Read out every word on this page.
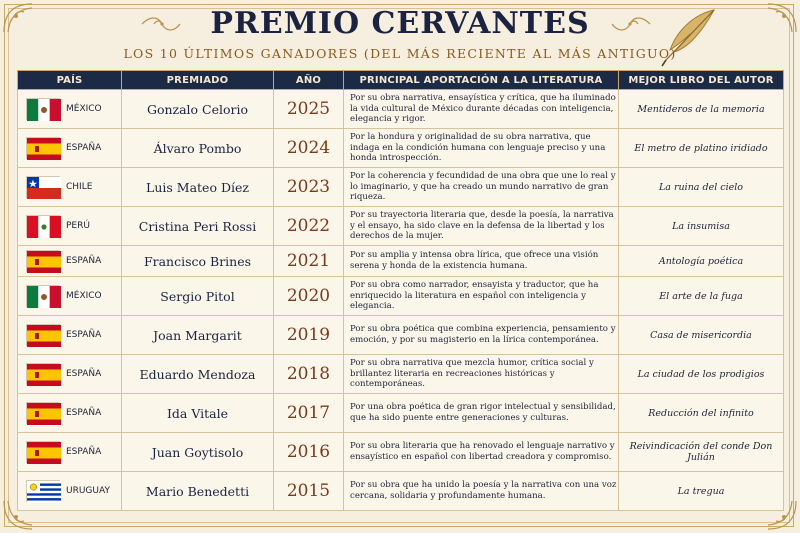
PREMIO CERVANTES
LOS 10 ÚLTIMOS GANADORES (DEL MÁS RECIENTE AL MÁS ANTIGUO)
PAÍS	PREMIADO	AÑO	PRINCIPAL APORTACIÓN A LA LITERATURA	MEJOR LIBRO DEL AUTOR

MÉXICO	Gonzalo Celorio	2025	Por su obra narrativa, ensayística y crítica, que ha iluminado la vida cultural de México durante décadas con inteligencia, elegancia y rigor.	Mentideros de la memoria

ESPAÑA	Álvaro Pombo	2024	Por la hondura y originalidad de su obra narrativa, que indaga en la condición humana con lenguaje preciso y una honda introspección.	El metro de platino iridiado

CHILE	Luis Mateo Díez	2023	Por la coherencia y fecundidad de una obra que une lo real y lo imaginario, y que ha creado un mundo narrativo de gran riqueza.	La ruina del cielo

PERÚ	Cristina Peri Rossi	2022	Por su trayectoria literaria que, desde la poesía, la narrativa y el ensayo, ha sido clave en la defensa de la libertad y los derechos de la mujer.	La insumisa

ESPAÑA	Francisco Brines	2021	Por su amplia y intensa obra lírica, que ofrece una visión serena y honda de la existencia humana.	Antología poética

MÉXICO	Sergio Pitol	2020	Por su obra como narrador, ensayista y traductor, que ha enriquecido la literatura en español con inteligencia y elegancia.	El arte de la fuga

ESPAÑA	Joan Margarit	2019	Por su obra poética que combina experiencia, pensamiento y emoción, y por su magisterio en la lírica contemporánea.	Casa de misericordia

ESPAÑA	Eduardo Mendoza	2018	Por su obra narrativa que mezcla humor, crítica social y brillantez literaria en recreaciones históricas y contemporáneas.	La ciudad de los prodigios

ESPAÑA	Ida Vitale	2017	Por una obra poética de gran rigor intelectual y sensibilidad, que ha sido puente entre generaciones y culturas.	Reducción del infinito

ESPAÑA	Juan Goytisolo	2016	Por su obra literaria que ha renovado el lenguaje narrativo y ensayístico en español con libertad creadora y compromiso.	Reivindicación del conde Don Julián

URUGUAY	Mario Benedetti	2015	Por su obra que ha unido la poesía y la narrativa con una voz cercana, solidaria y profundamente humana.	La tregua
